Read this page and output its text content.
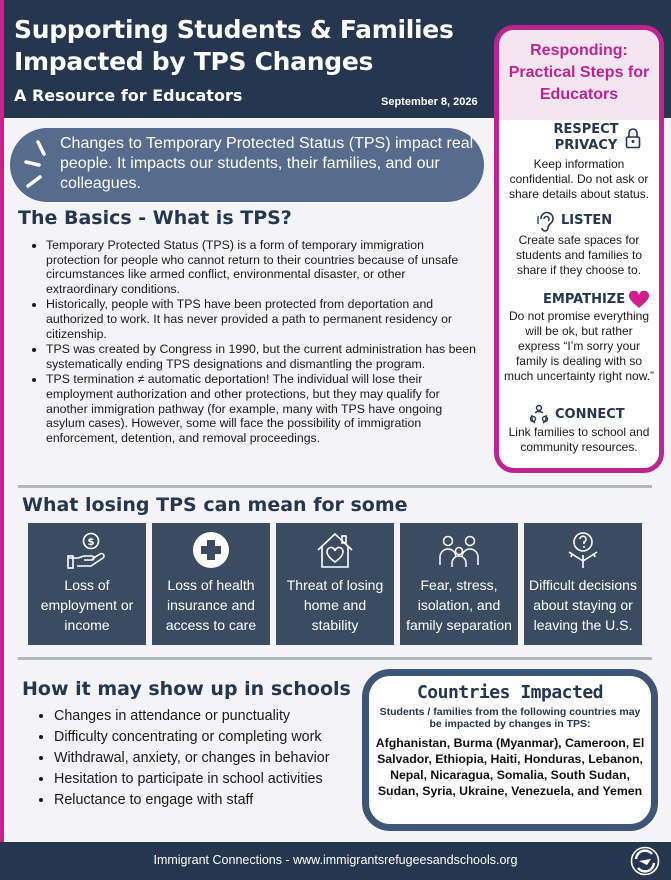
Supporting Students & Families Impacted by TPS Changes
A Resource for Educators	September 8, 2026
Changes to Temporary Protected Status (TPS) impact real people. It impacts our students, their families, and our colleagues.
The Basics - What is TPS?
• Temporary Protected Status (TPS) is a form of temporary immigration protection for people who cannot return to their countries because of unsafe circumstances like armed conflict, environmental disaster, or other extraordinary conditions.
• Historically, people with TPS have been protected from deportation and authorized to work. It has never provided a path to permanent residency or citizenship.
• TPS was created by Congress in 1990, but the current administration has been systematically ending TPS designations and dismantling the program.
• TPS termination ≠ automatic deportation! The individual will lose their employment authorization and other protections, but they may qualify for another immigration pathway (for example, many with TPS have ongoing asylum cases). However, some will face the possibility of immigration enforcement, detention, and removal proceedings.
Responding: Practical Steps for Educators
RESPECT PRIVACY
Keep information confidential. Do not ask or share details about status.
LISTEN
Create safe spaces for students and families to share if they choose to.
EMPATHIZE
Do not promise everything will be ok, but rather express “I’m sorry your family is dealing with so much uncertainty right now.”
CONNECT
Link families to school and community resources.
What losing TPS can mean for some
$
Loss of employment or income
Loss of health insurance and access to care
Threat of losing home and stability
Fear, stress, isolation, and family separation
Difficult decisions about staying or leaving the U.S.
How it may show up in schools
• Changes in attendance or punctuality
• Difficulty concentrating or completing work
• Withdrawal, anxiety, or changes in behavior
• Hesitation to participate in school activities
• Reluctance to engage with staff
Countries Impacted
Students / families from the following countries may be impacted by changes in TPS:
Afghanistan, Burma (Myanmar), Cameroon, El Salvador, Ethiopia, Haiti, Honduras, Lebanon, Nepal, Nicaragua, Somalia, South Sudan, Sudan, Syria, Ukraine, Venezuela, and Yemen
Immigrant Connections - www.immigrantsrefugeesandschools.org
